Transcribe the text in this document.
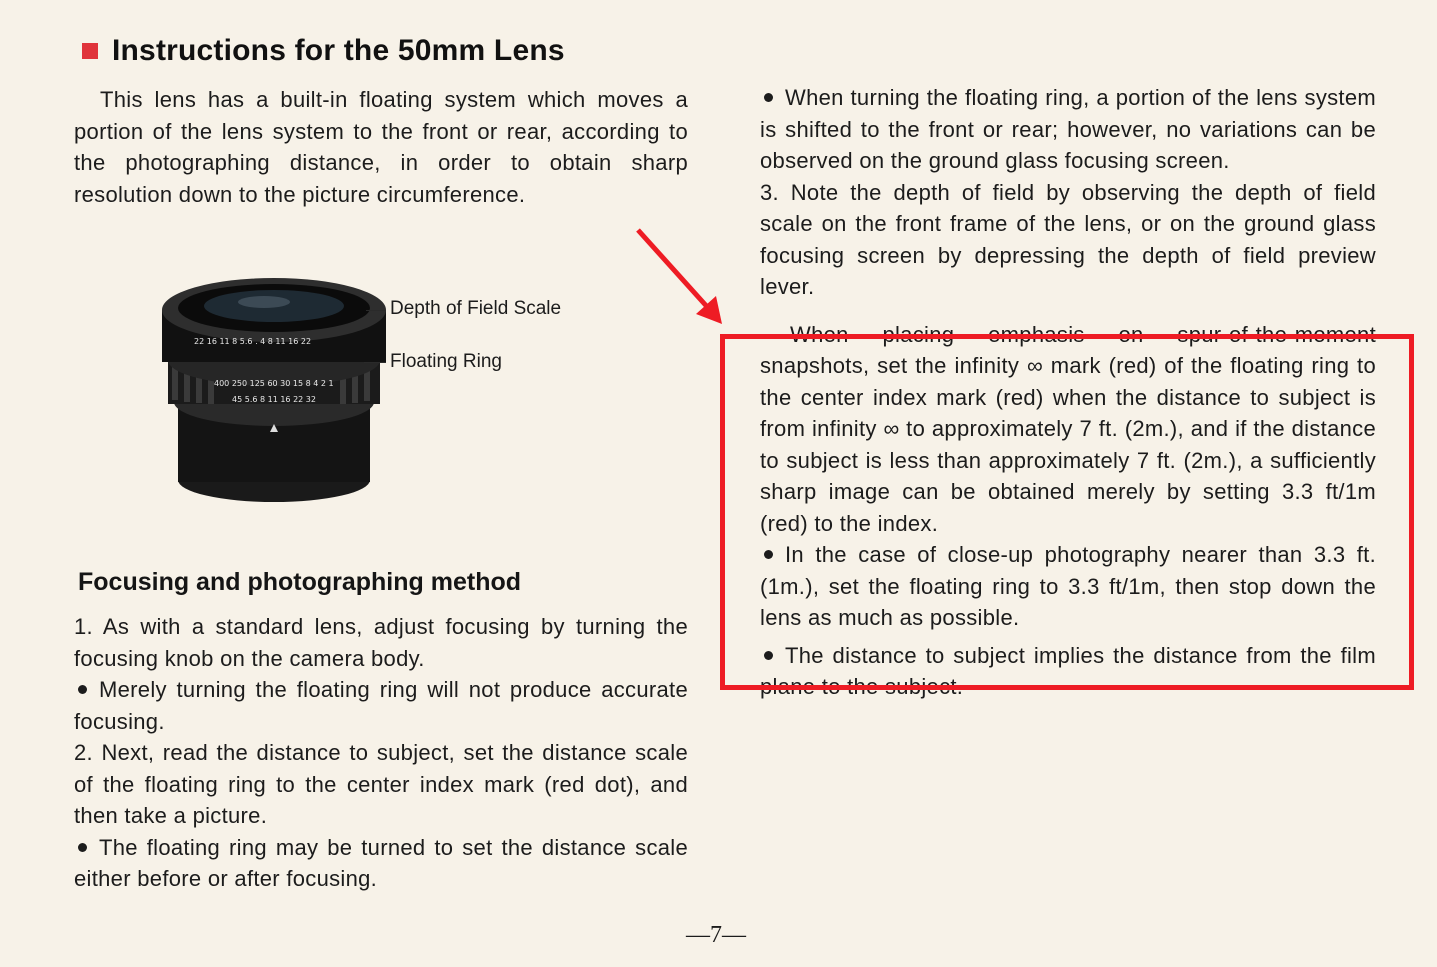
Instructions for the 50mm Lens

This lens has a built-in floating system which moves a portion of the lens system to the front or rear, according to the photographing distance, in order to obtain sharp resolution down to the picture circumference.

22 16 11 8 5.6 . 4 8 11 16 22
400 250 125 60 30 15 8 4 2 1
45 5.6 8 11 16 22 32
Depth of Field Scale
Floating Ring
Focusing and photographing method

1. As with a standard lens, adjust focusing by turning the focusing knob on the camera body.

Merely turning the floating ring will not produce accurate focusing.

2. Next, read the distance to subject, set the distance scale of the floating ring to the center index mark (red dot), and then take a picture.

The floating ring may be turned to set the distance scale either before or after focusing.

When turning the floating ring, a portion of the lens system is shifted to the front or rear; however, no variations can be observed on the ground glass focusing screen.

3. Note the depth of field by observing the depth of field scale on the front frame of the lens, or on the ground glass focusing screen by depressing the depth of field preview lever.

When placing emphasis on spur-of-the-moment snapshots, set the infinity ∞ mark (red) of the floating ring to the center index mark (red) when the distance to subject is from infinity ∞ to approximately 7 ft. (2m.), and if the distance to subject is less than approximately 7 ft. (2m.), a sufficiently sharp image can be obtained merely by setting 3.3 ft/1m (red) to the index.

In the case of close-up photography nearer than 3.3 ft. (1m.), set the floating ring to 3.3 ft/1m, then stop down the lens as much as possible.

The distance to subject implies the distance from the film plane to the subject.

—7—
